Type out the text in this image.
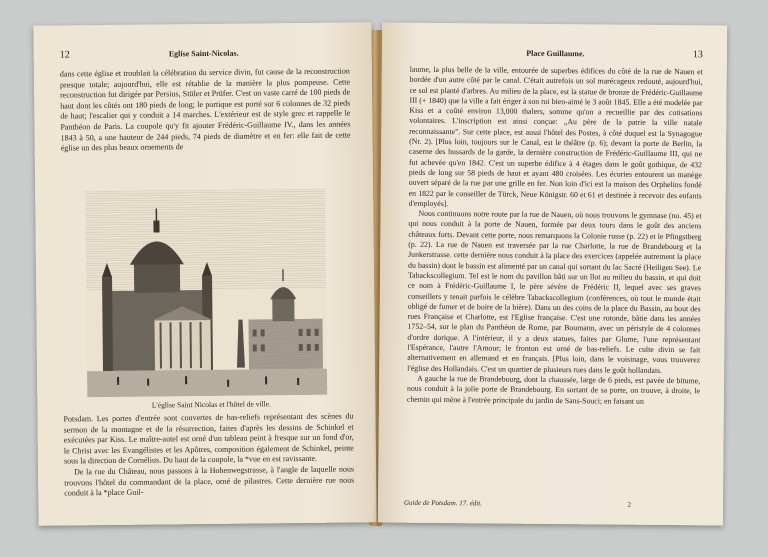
12	Eglise Saint-Nicolas.

dans cette église et troublait la célébration du service divin, fut cause de la reconstruction presque totale; aujourd'hui, elle est rétablie de la manière la plus pompeuse. Cette reconstruction fut dirigée par Persius, Stüler et Prüfer. C'est un vaste carré de 100 pieds de haut dont les côtés ont 180 pieds de long; le portique est porté sur 6 colonnes de 32 pieds de haut; l'escalier qui y conduit a 14 marches. L'extérieur est de style grec et rappelle le Panthéon de Paris. La coupole qu'y fit ajouter Frédéric-Guillaume IV., dans les années 1843 à 50, a une hauteur de 244 pieds, 74 pieds de diamètre et en fer: elle fait de cette église un des plus beaux ornements de

L'église Saint Nicolas et l'hôtel de ville.

Potsdam. Les portes d'entrée sont couvertes de bas-reliefs représentant des scènes du sermon de la montagne et de la résurrection, faites d'après les dessins de Schinkel et exécutées par Kiss. Le maître-autel est orné d'un tableau peint à fresque sur un fond d'or, le Christ avec les Evangélistes et les Apôtres, composition également de Schinkel, peinte sous la direction de Cornélius. Du haut de la coupole, la *vue en est ravissante.

De la rue du Château, nous passons à la Hohenwegstrasse, à l'angle de laquelle nous trouvons l'hôtel du commandant de la place, orné de pilastres. Cette dernière rue nous conduit à la *place Guil-

Place Guillaume.	13

laume, la plus belle de la ville, entourée de superbes édifices du côté de la rue de Nauen et bordée d'un autre côté par le canal. C'était autrefois un sol marécageux redouté, aujourd'hui, ce sol est planté d'arbres. Au milieu de la place, est la statue de bronze de Frédéric-Guillaume III (+ 1840) que la ville a fait ériger à son roi bien-aimé le 3 août 1845. Elle a été modelée par Kiss et a coûté environ 13,000 thalers, somme qu'on a recueillie par des cotisations volontaires. L'inscription est ainsi conçue: „Au père de la patrie la ville natale reconnaissante". Sur cette place, est aussi l'hôtel des Postes, à côté duquel est la Synagogue (Nr. 2). [Plus loin, toujours sur le Canal, est le théâtre (p. 6); devant la porte de Berlin, la caserne des hussards de la garde, la dernière construction de Frédéric-Guillaume III, qui ne fut achevée qu'en 1842. C'est un superbe édifice à 4 étages dans le goût gothique, de 432 pieds de long sur 58 pieds de haut et ayant 480 croisées. Les écuries entourent un manège ouvert séparé de la rue par une grille en fer. Non loin d'ici est la maison des Orphelins fondé en 1822 par le conseiller de Türck, Neue Königstr. 60 et 61 et destinée à recevoir des enfants d'employés].

Nous continuons notre route par la rue de Nauen, où nous trouvons le gymnase (no. 45) et qui nous conduit à la porte de Nauen, formée par deux tours dans le goût des anciens châteaux forts. Devant cette porte, nous remarquons la Colonie russe (p. 22) et le Pfingstberg (p. 22). La rue de Nauen est traversée par la rue Charlotte, la rue de Brandebourg et la Junkerstrasse. cette dernière nous conduit à la place des exercices (appelée autrement la place du bassin) dont le bassin est alimenté par un canal qui sortant du lac Sacré (Heiligen See). Le Tabackscollegium. Tel est le nom du pavillon bâti sur un îlot au milieu du bassin, et qui doit ce nom à Frédéric-Guillaume I, le père sévère de Frédéric II, lequel avec ses graves conseillers y tenait parfois le célèbre Tabackscollegium (conférences, où tout le monde était obligé de fumer et de boire de la bière). Dans un des coins de la place du Bassin, au bout des rues Française et Charlotte, est l'Eglise française. C'est une rotonde, bâtie dans les années 1752–54, sur le plan du Panthéon de Rome, par Boumann, avec un péristyle de 4 colonnes d'ordre dorique. A l'intérieur, il y a deux statues, faites par Glume, l'une représentant l'Espérance, l'autre l'Amour; le fronton est orné de bas-reliefs. Le culte divin se fait alternativement en allemand et en français. [Plus loin, dans le voisinage, vous trouverez l'église des Hollandais. C'est un quartier de plusieurs rues dans le goût hollandais.

A gauche la rue de Brandebourg, dont la chaussée, large de 6 pieds, est pavée de bitume, nous conduit à la jolie porte de Brandebourg. En sortant de sa porte, on trouve, à droite, le chemin qui mène à l'entrée principale du jardin de Sans-Souci; en faisant un

Guide de Potsdam. 17. édit.	2
